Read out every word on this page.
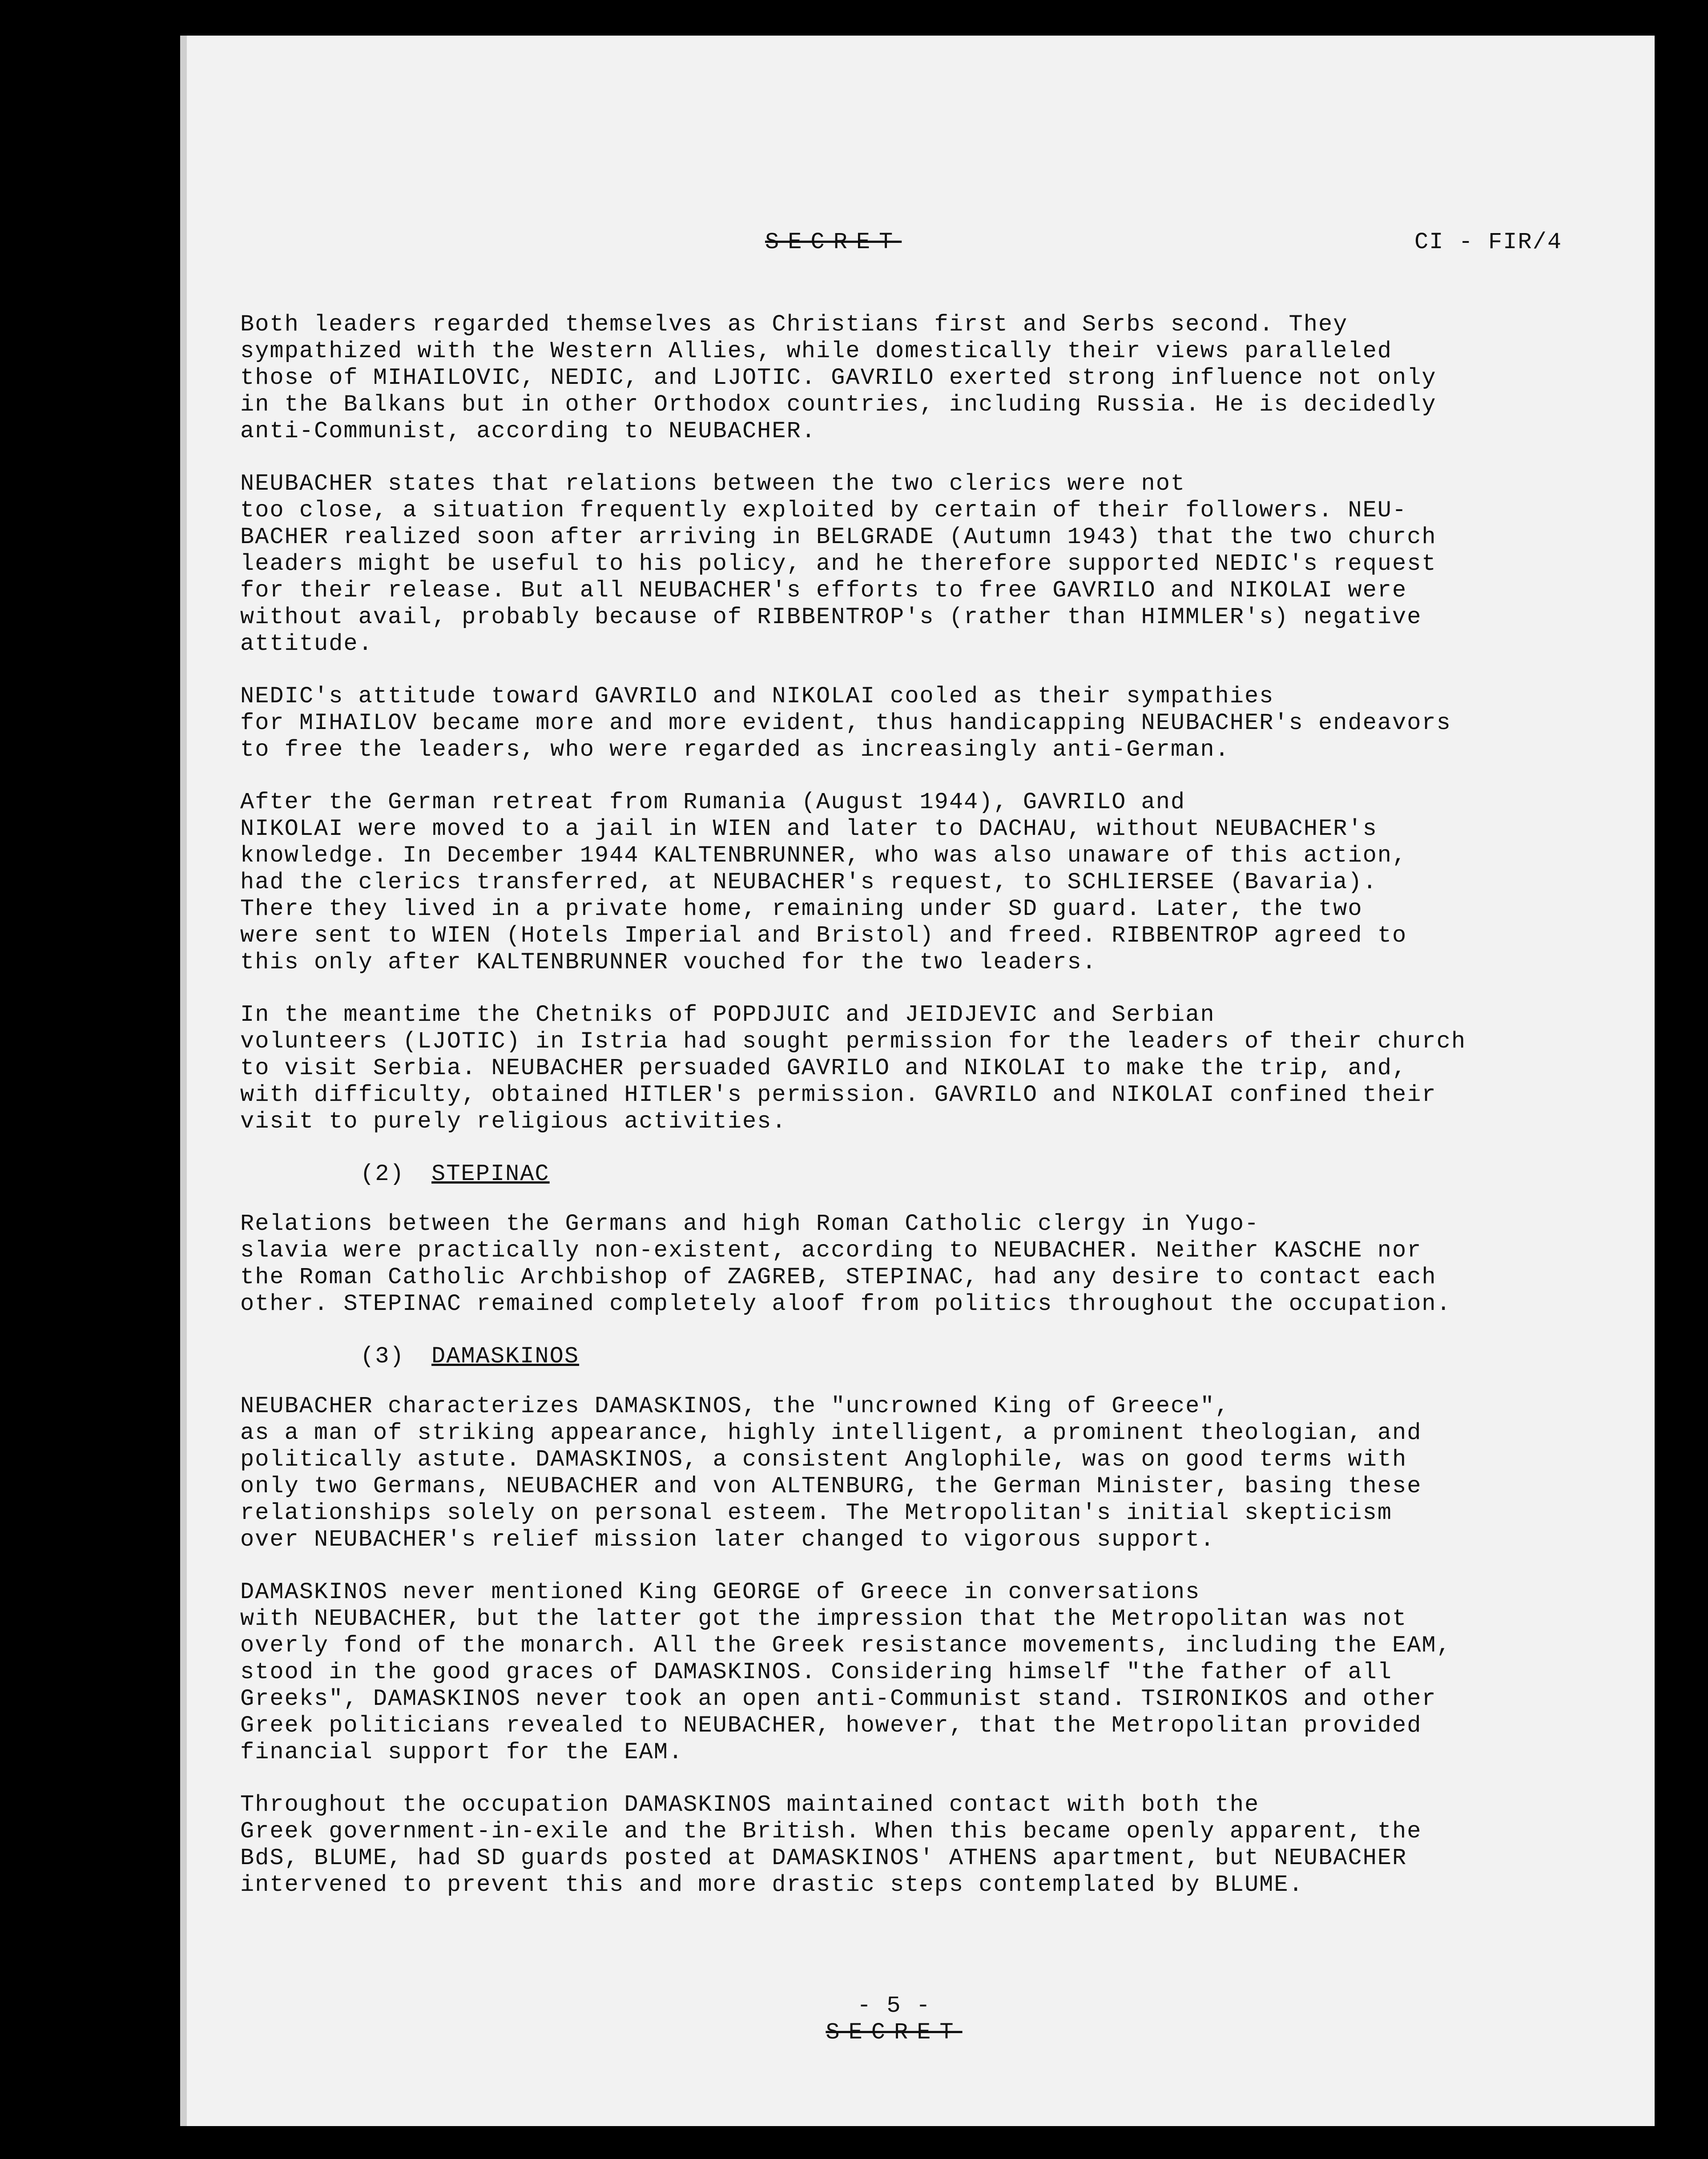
SECRET	CI - FIR/4

Both leaders regarded themselves as Christians first and Serbs second. They
sympathized with the Western Allies, while domestically their views paralleled
those of MIHAILOVIC, NEDIC, and LJOTIC. GAVRILO exerted strong influence not only
in the Balkans but in other Orthodox countries, including Russia. He is decidedly
anti-Communist, according to NEUBACHER.

NEUBACHER states that relations between the two clerics were not
too close, a situation frequently exploited by certain of their followers. NEU-
BACHER realized soon after arriving in BELGRADE (Autumn 1943) that the two church
leaders might be useful to his policy, and he therefore supported NEDIC's request
for their release. But all NEUBACHER's efforts to free GAVRILO and NIKOLAI were
without avail, probably because of RIBBENTROP's (rather than HIMMLER's) negative
attitude.

NEDIC's attitude toward GAVRILO and NIKOLAI cooled as their sympathies
for MIHAILOV became more and more evident, thus handicapping NEUBACHER's endeavors
to free the leaders, who were regarded as increasingly anti-German.

After the German retreat from Rumania (August 1944), GAVRILO and
NIKOLAI were moved to a jail in WIEN and later to DACHAU, without NEUBACHER's
knowledge. In December 1944 KALTENBRUNNER, who was also unaware of this action,
had the clerics transferred, at NEUBACHER's request, to SCHLIERSEE (Bavaria).
There they lived in a private home, remaining under SD guard. Later, the two
were sent to WIEN (Hotels Imperial and Bristol) and freed. RIBBENTROP agreed to
this only after KALTENBRUNNER vouched for the two leaders.

In the meantime the Chetniks of POPDJUIC and JEIDJEVIC and Serbian
volunteers (LJOTIC) in Istria had sought permission for the leaders of their church
to visit Serbia. NEUBACHER persuaded GAVRILO and NIKOLAI to make the trip, and,
with difficulty, obtained HITLER's permission. GAVRILO and NIKOLAI confined their
visit to purely religious activities.

(2) STEPINAC

Relations between the Germans and high Roman Catholic clergy in Yugo-
slavia were practically non-existent, according to NEUBACHER. Neither KASCHE nor
the Roman Catholic Archbishop of ZAGREB, STEPINAC, had any desire to contact each
other. STEPINAC remained completely aloof from politics throughout the occupation.

(3) DAMASKINOS

NEUBACHER characterizes DAMASKINOS, the "uncrowned King of Greece",
as a man of striking appearance, highly intelligent, a prominent theologian, and
politically astute. DAMASKINOS, a consistent Anglophile, was on good terms with
only two Germans, NEUBACHER and von ALTENBURG, the German Minister, basing these
relationships solely on personal esteem. The Metropolitan's initial skepticism
over NEUBACHER's relief mission later changed to vigorous support.

DAMASKINOS never mentioned King GEORGE of Greece in conversations
with NEUBACHER, but the latter got the impression that the Metropolitan was not
overly fond of the monarch. All the Greek resistance movements, including the EAM,
stood in the good graces of DAMASKINOS. Considering himself "the father of all
Greeks", DAMASKINOS never took an open anti-Communist stand. TSIRONIKOS and other
Greek politicians revealed to NEUBACHER, however, that the Metropolitan provided
financial support for the EAM.

Throughout the occupation DAMASKINOS maintained contact with both the
Greek government-in-exile and the British. When this became openly apparent, the
BdS, BLUME, had SD guards posted at DAMASKINOS' ATHENS apartment, but NEUBACHER
intervened to prevent this and more drastic steps contemplated by BLUME.

- 5 -
SECRET
